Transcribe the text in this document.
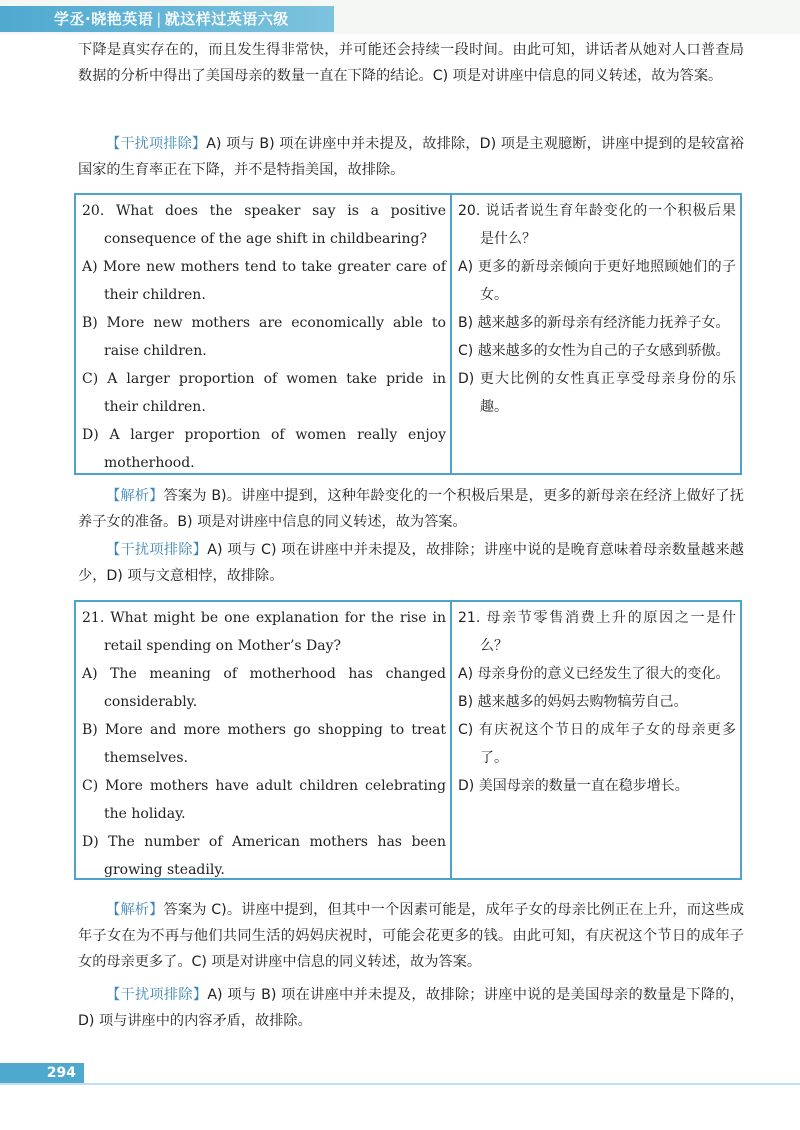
学丞·晓艳英语 | 就这样过英语六级
下降是真实存在的，而且发生得非常快，并可能还会持续一段时间。由此可知，讲话者从她对人口普查局数据的分析中得出了美国母亲的数量一直在下降的结论。C) 项是对讲座中信息的同义转述，故为答案。
【干扰项排除】A) 项与 B) 项在讲座中并未提及，故排除，D) 项是主观臆断，讲座中提到的是较富裕国家的生育率正在下降，并不是特指美国，故排除。
20. What does the speaker say is a positive consequence of the age shift in childbearing?
A) More new mothers tend to take greater care of their children.
B) More new mothers are economically able to raise children.
C) A larger proportion of women take pride in their children.
D) A larger proportion of women really enjoy motherhood.
20. 说话者说生育年龄变化的一个积极后果是什么？
A) 更多的新母亲倾向于更好地照顾她们的子女。
B) 越来越多的新母亲有经济能力抚养子女。
C) 越来越多的女性为自己的子女感到骄傲。
D) 更大比例的女性真正享受母亲身份的乐趣。
【解析】答案为 B)。讲座中提到，这种年龄变化的一个积极后果是，更多的新母亲在经济上做好了抚养子女的准备。B) 项是对讲座中信息的同义转述，故为答案。
【干扰项排除】A) 项与 C) 项在讲座中并未提及，故排除；讲座中说的是晚育意味着母亲数量越来越少，D) 项与文意相悖，故排除。
21. What might be one explanation for the rise in retail spending on Mother’s Day?
A) The meaning of motherhood has changed considerably.
B) More and more mothers go shopping to treat themselves.
C) More mothers have adult children celebrating the holiday.
D) The number of American mothers has been growing steadily.
21. 母亲节零售消费上升的原因之一是什么？
A) 母亲身份的意义已经发生了很大的变化。
B) 越来越多的妈妈去购物犒劳自己。
C) 有庆祝这个节日的成年子女的母亲更多了。
D) 美国母亲的数量一直在稳步增长。
【解析】答案为 C)。讲座中提到，但其中一个因素可能是，成年子女的母亲比例正在上升，而这些成年子女在为不再与他们共同生活的妈妈庆祝时，可能会花更多的钱。由此可知，有庆祝这个节日的成年子女的母亲更多了。C) 项是对讲座中信息的同义转述，故为答案。
【干扰项排除】A) 项与 B) 项在讲座中并未提及，故排除；讲座中说的是美国母亲的数量是下降的，D) 项与讲座中的内容矛盾，故排除。
294
